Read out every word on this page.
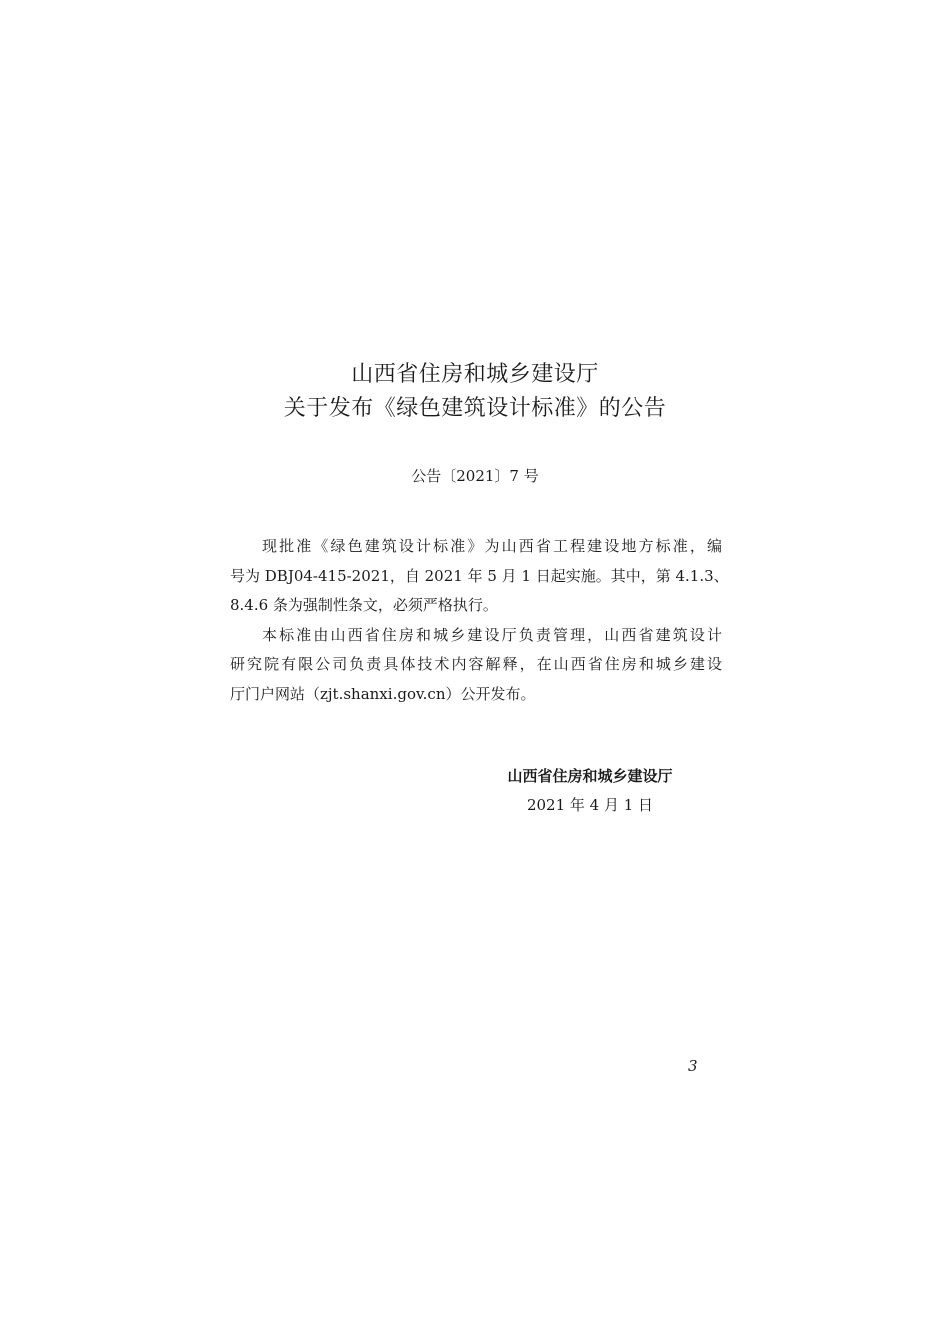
山西省住房和城乡建设厅
关于发布《绿色建筑设计标准》的公告
公告〔2021〕7 号
现批准《绿色建筑设计标准》为山西省工程建设地方标准，编
号为 DBJ04-415-2021，自 2021 年 5 月 1 日起实施。其中，第 4.1.3、
8.4.6 条为强制性条文，必须严格执行。
本标准由山西省住房和城乡建设厅负责管理，山西省建筑设计
研究院有限公司负责具体技术内容解释，在山西省住房和城乡建设
厅门户网站（zjt.shanxi.gov.cn）公开发布。
山西省住房和城乡建设厅
2021 年 4 月 1 日
3
